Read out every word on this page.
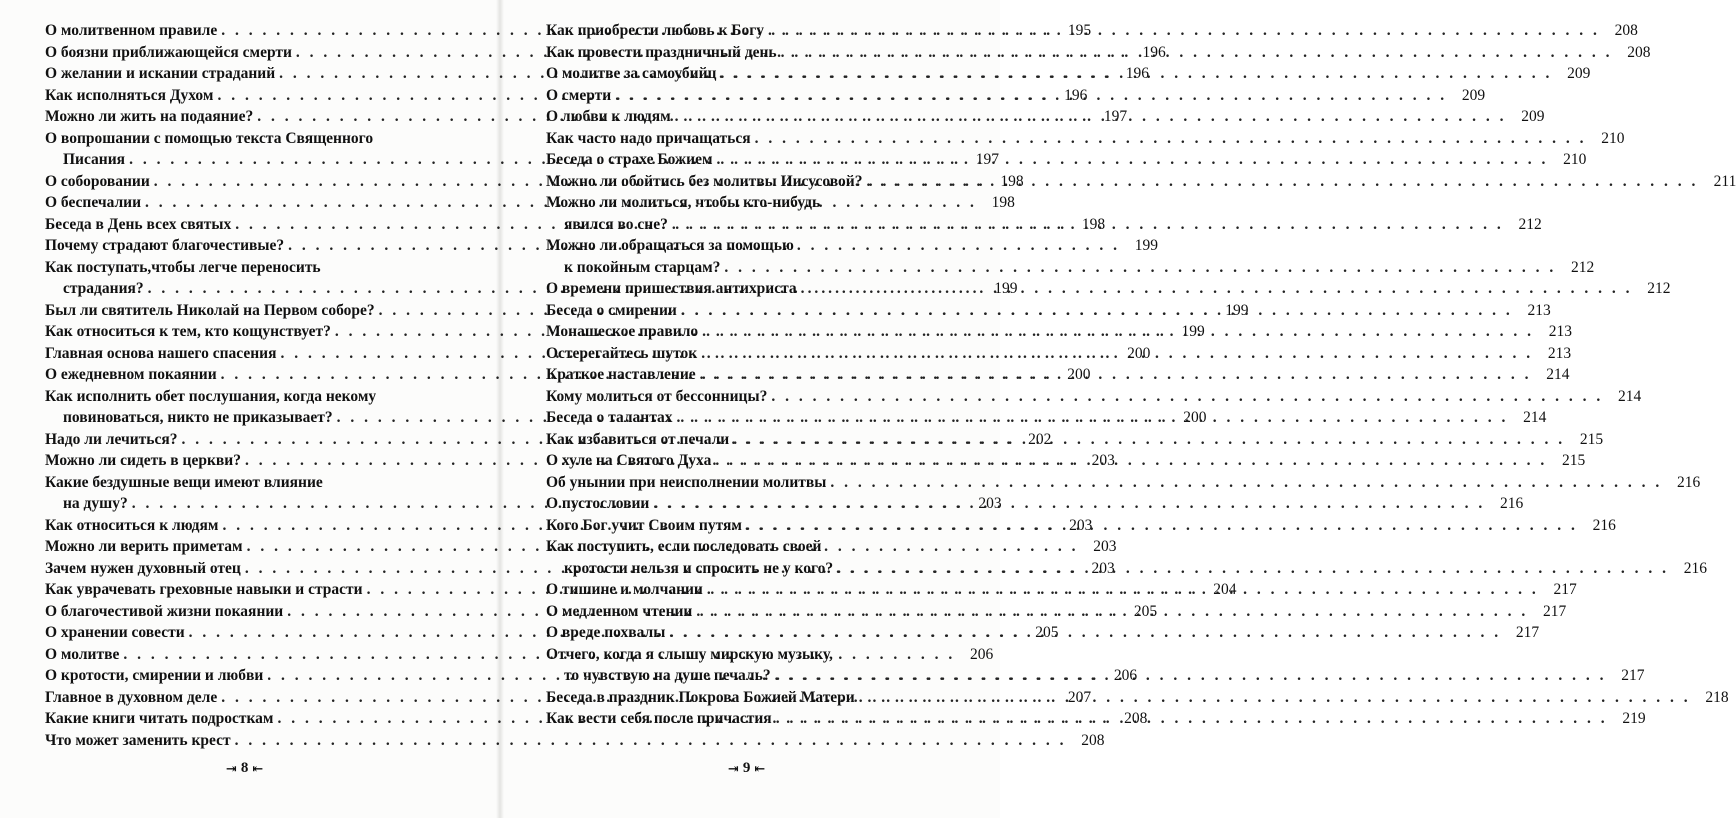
О молитвенном правиле . . .	195
О боязни приближающейся смерти . . .	196
О желании и искании страданий . . .	196
Как исполняться Духом . . .	196
Можно ли жить на подаяние? . . .	197
О вопрошании с помощью текста Священного
Писания . . .	197
О соборовании . . .	198
О беспечалии . . .	198
Беседа в День всех святых . . .	198
Почему страдают благочестивые? . . .	199
Как поступать,чтобы легче переносить
страдания? . . .	199
Был ли святитель Николай на Первом соборе? . . .	199
Как относиться к тем, кто кощунствует? . . .	199
Главная основа нашего спасения . . .	200
О ежедневном покаянии . . .	200
Как исполнить обет послушания, когда некому
повиноваться, никто не приказывает? . . .	200
Надо ли лечиться? . . .	202
Можно ли сидеть в церкви? . . .	203
Какие бездушные вещи имеют влияние
на душу? . . .	203
Как относиться к людям . . .	203
Можно ли верить приметам . . .	203
Зачем нужен духовный отец . . .	203
Как уврачевать греховные навыки и страсти . . .	204
О благочестивой жизни покаянии . . .	205
О хранении совести . . .	205
О молитве . . .	206
О кротости, смирении и любви . . .	206
Главное в духовном деле . . .	207
Какие книги читать подросткам . . .	208
Что может заменить крест . . .	208
Как приобрести любовь к Богу . . .	208
Как провести праздничный день . . .	208
О молитве за самоубийц . . .	209
О смерти . . .	209
О любви к людям . . .	209
Как часто надо причащаться . . .	210
Беседа о страхе Божием . . .	210
Можно ли обойтись без молитвы Иисусовой? . . .	211
Можно ли молиться, чтобы кто-нибудь
явился во сне? . . .	212
Можно ли обращаться за помощью
к покойным старцам? . . .	212
О времени пришествия антихриста . . .	212
Беседа о смирении . . .	213
Монашеское правило . . .	213
Остерегайтесь шуток . . .	213
Краткое наставление . . .	214
Кому молиться от бессонницы? . . .	214
Беседа о талантах . . .	214
Как избавиться от печали . . .	215
О хуле на Святого Духа . . .	215
Об унынии при неисполнении молитвы . . .	216
О пустословии . . .	216
Кого Бог учит Своим путям . . .	216
Как поступить, если последовать своей
кротости нельзя и спросить не у кого? . . .	216
О тишине и молчании . . .	217
О медленном чтении . . .	217
О вреде похвалы . . .	217
Отчего, когда я слышу мирскую музыку,
то чувствую на душе печаль? . . .	217
Беседа в праздник Покрова Божией Матери . . .	218
Как вести себя после причастия . . .	219
⇥ 8 ⇤	⇥ 9 ⇤
